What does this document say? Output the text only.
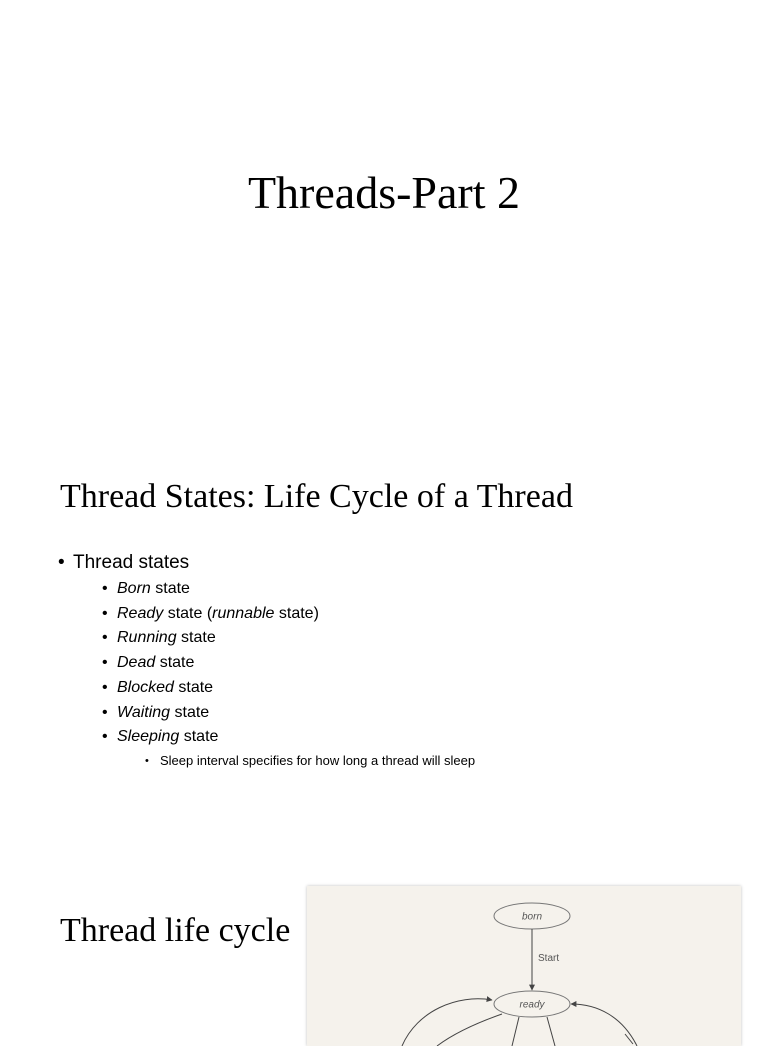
Threads-Part 2
Thread States: Life Cycle of a Thread
• Thread states
• Born state
• Ready state (runnable state)
• Running state
• Dead state
• Blocked state
• Waiting state
• Sleeping state
• Sleep interval specifies for how long a thread will sleep
Thread life cycle	born
Start
ready
